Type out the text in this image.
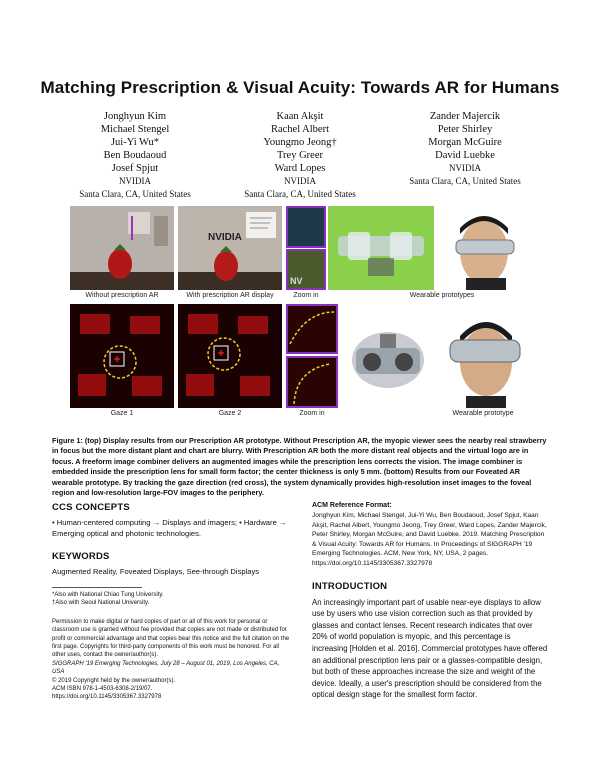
Matching Prescription & Visual Acuity: Towards AR for Humans
Jonghyun Kim
Michael Stengel
Jui-Yi Wu*
Ben Boudaoud
Josef Spjut
NVIDIA
Santa Clara, CA, United States
Kaan Akşit
Rachel Albert
Youngmo Jeong†
Trey Greer
Ward Lopes
NVIDIA
Santa Clara, CA, United States
Zander Majercik
Peter Shirley
Morgan McGuire
David Luebke
NVIDIA
Santa Clara, CA, United States
NVIDIA
NV
Without prescription AR	With prescription AR display	Zoom in	Wearable prototypes
Gaze 1	Gaze 2	Zoom in	Wearable prototype
Figure 1: (top) Display results from our Prescription AR prototype. Without Prescription AR, the myopic viewer sees the nearby real strawberry in focus but the more distant plant and chart are blurry. With Prescription AR both the more distant real objects and the virtual logo are in focus. A freeform image combiner delivers an augmented images while the prescription lens corrects the vision. The image combiner is embedded inside the prescription lens for small form factor; the center thickness is only 5 mm. (bottom) Results from our Foveated AR wearable prototype. By tracking the gaze direction (red cross), the system dynamically provides high-resolution inset images to the foveal region and low-resolution large-FOV images to the periphery.
CCS CONCEPTS
• Human-centered computing → Displays and imagers; • Hardware → Emerging optical and photonic technologies.
KEYWORDS
Augmented Reality, Foveated Displays, See-through Displays
*Also with National Chiao Tung University.
†Also with Seoul National University.
Permission to make digital or hard copies of part or all of this work for personal or classroom use is granted without fee provided that copies are not made or distributed for profit or commercial advantage and that copies bear this notice and the full citation on the first page. Copyrights for third-party components of this work must be honored. For all other uses, contact the owner/author(s).
SIGGRAPH '19 Emerging Technologies, July 28 – August 01, 2019, Los Angeles, CA, USA
© 2019 Copyright held by the owner/author(s).
ACM ISBN 978-1-4503-6308-2/19/07.
https://doi.org/10.1145/3305367.3327978
ACM Reference Format:
Jonghyun Kim, Michael Stengel, Jui-Yi Wu, Ben Boudaoud, Josef Spjut, Kaan Akşit, Rachel Albert, Youngmo Jeong, Trey Greer, Ward Lopes, Zander Majercik, Peter Shirley, Morgan McGuire, and David Luebke. 2019. Matching Prescription & Visual Acuity: Towards AR for Humans. In Proceedings of SIGGRAPH '19 Emerging Technologies. ACM, New York, NY, USA, 2 pages. https://doi.org/10.1145/3305367.3327978
INTRODUCTION
An increasingly important part of usable near-eye displays to allow use by users who use vision correction such as that provided by glasses and contact lenses. Recent research indicates that over 20% of world population is myopic, and this percentage is increasing [Holden et al. 2016]. Commercial prototypes have offered an additional prescription lens pair or a glasses-compatible design, but both of these approaches increase the size and weight of the device. Ideally, a user's prescription should be considered from the optical design stage for the smallest form factor.
